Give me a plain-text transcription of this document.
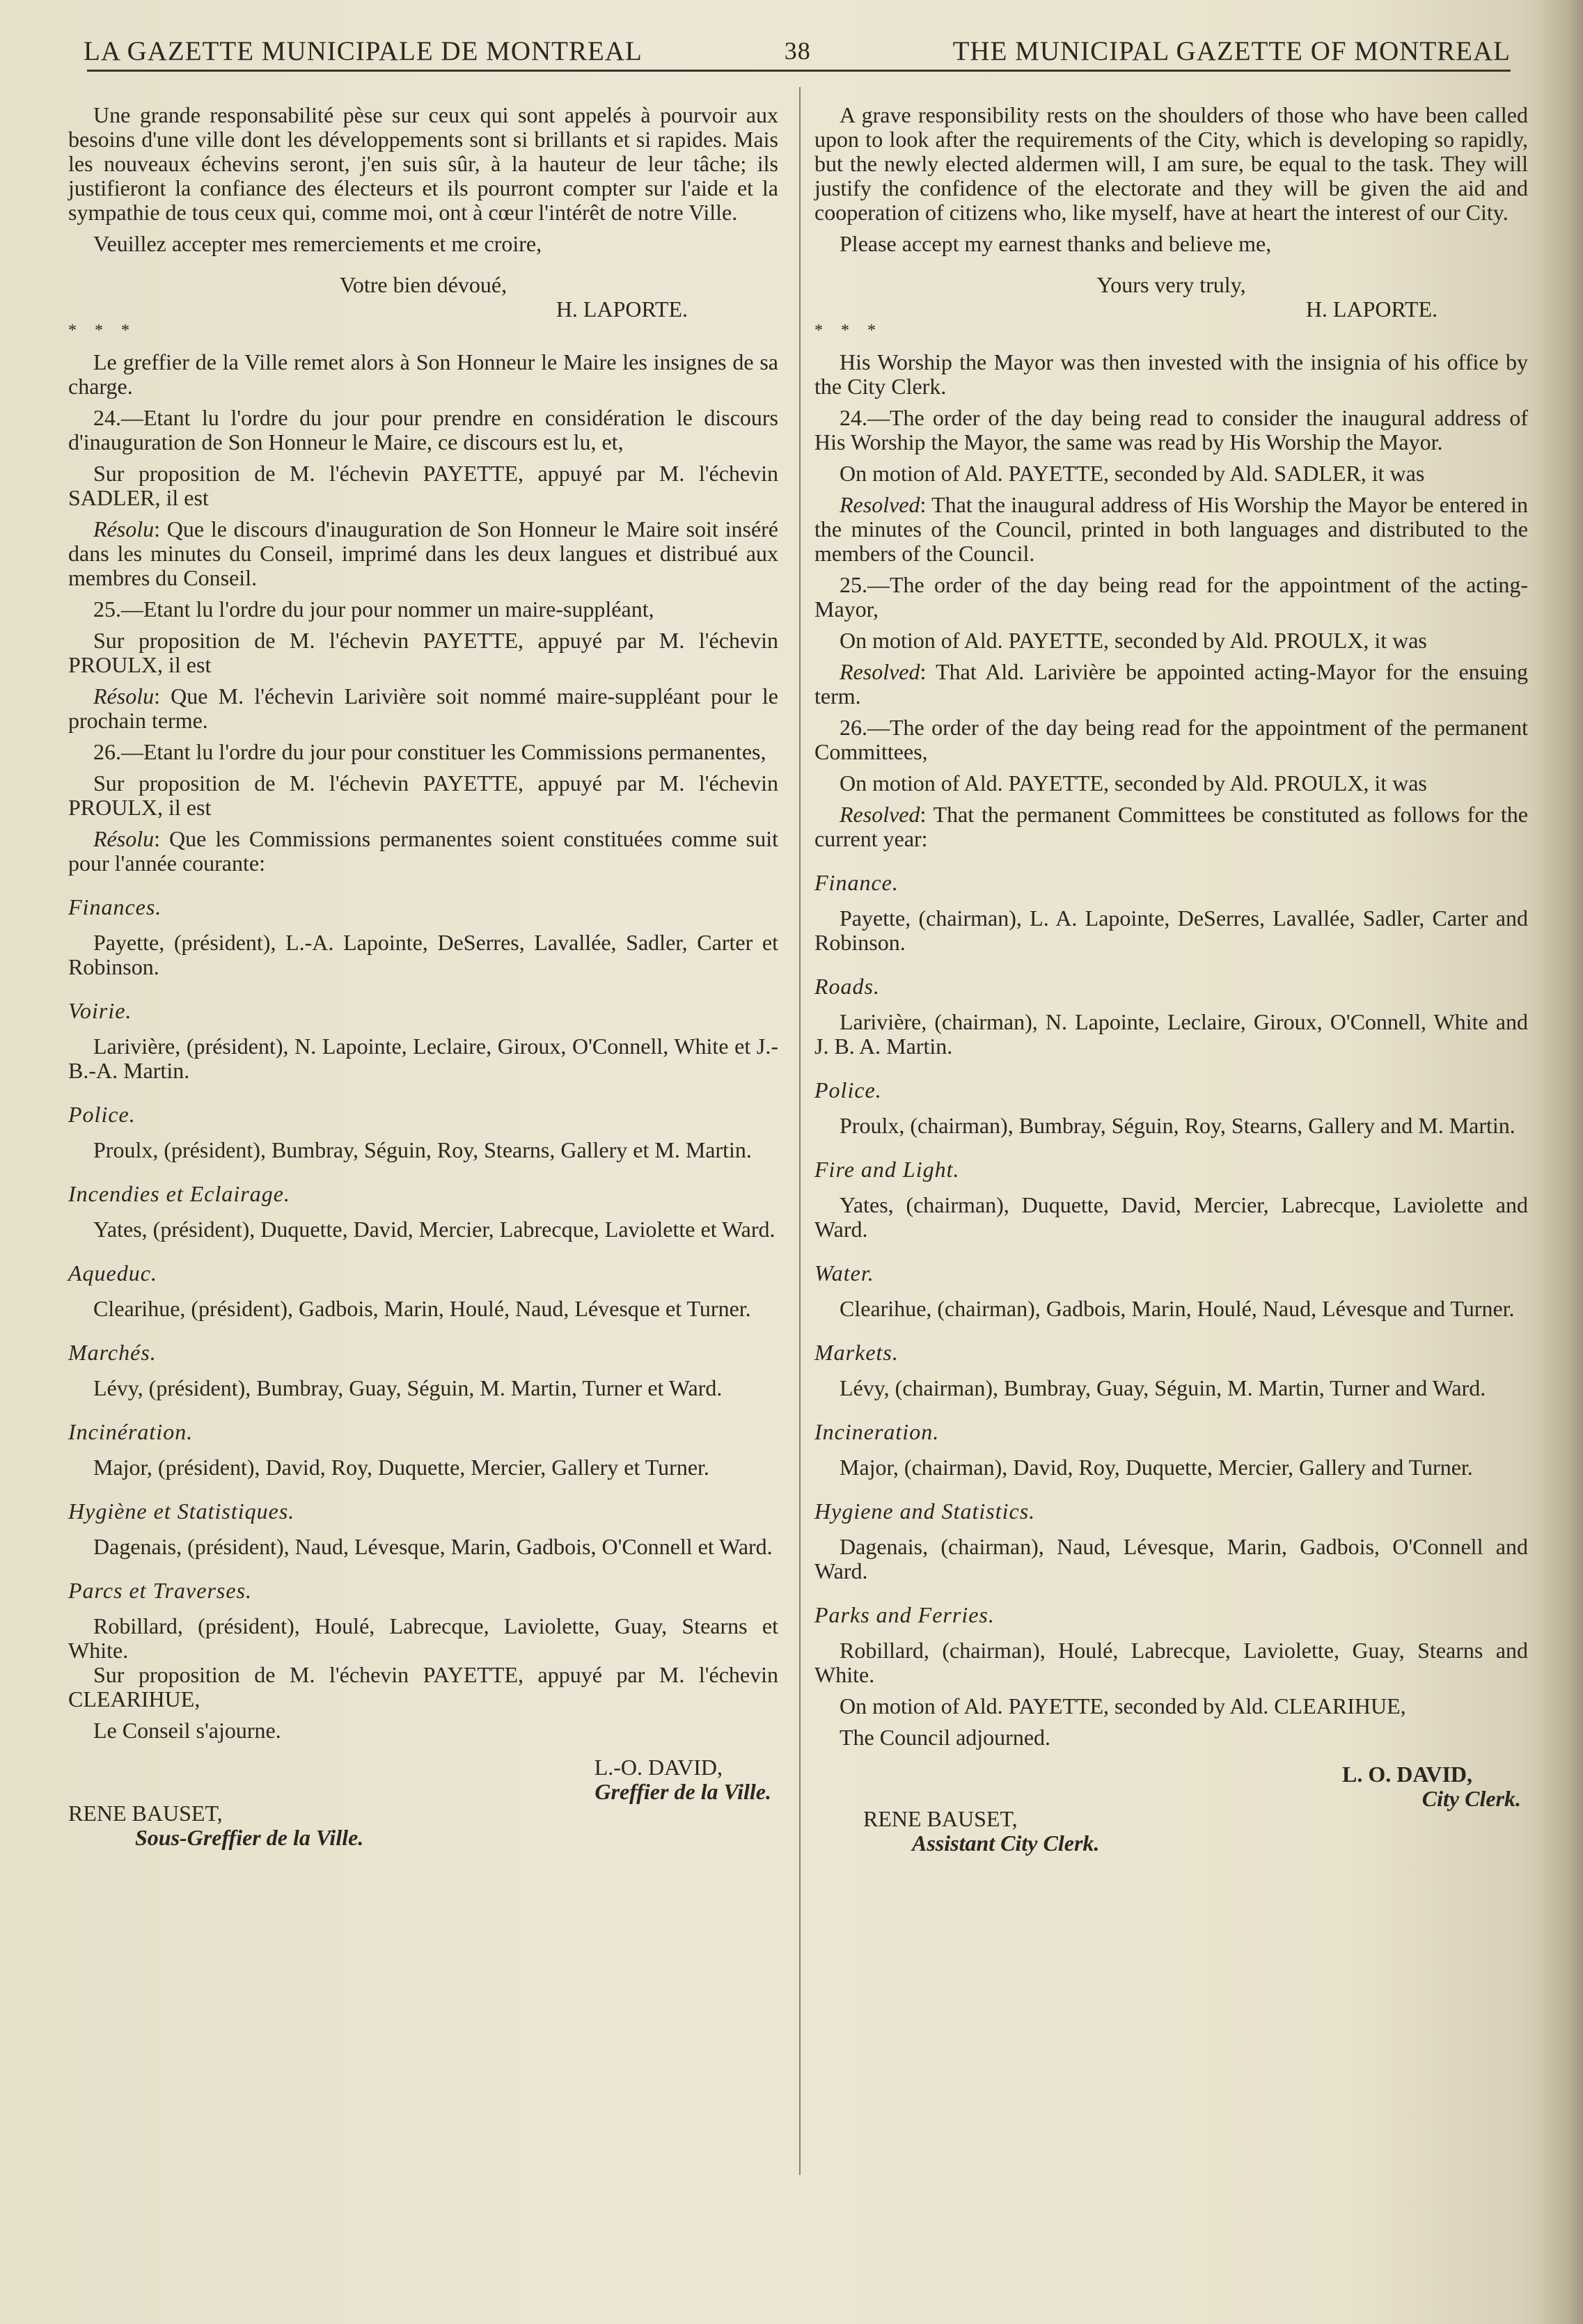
LA GAZETTE MUNICIPALE DE MONTREAL	38	THE MUNICIPAL GAZETTE OF MONTREAL

Une grande responsabilité pèse sur ceux qui sont appelés à pourvoir aux besoins d'une ville dont les développements sont si brillants et si rapides. Mais les nouveaux échevins seront, j'en suis sûr, à la hauteur de leur tâche; ils justifieront la confiance des électeurs et ils pourront compter sur l'aide et la sympathie de tous ceux qui, comme moi, ont à cœur l'intérêt de notre Ville.

Veuillez accepter mes remerciements et me croire,

Votre bien dévoué,

H. LAPORTE.

* * *

Le greffier de la Ville remet alors à Son Honneur le Maire les insignes de sa charge.

24.—Etant lu l'ordre du jour pour prendre en considération le discours d'inauguration de Son Honneur le Maire, ce discours est lu, et,

Sur proposition de M. l'échevin PAYETTE, appuyé par M. l'échevin SADLER, il est

Résolu: Que le discours d'inauguration de Son Honneur le Maire soit inséré dans les minutes du Conseil, imprimé dans les deux langues et distribué aux membres du Conseil.

25.—Etant lu l'ordre du jour pour nommer un maire-suppléant,

Sur proposition de M. l'échevin PAYETTE, appuyé par M. l'échevin PROULX, il est

Résolu: Que M. l'échevin Larivière soit nommé maire-suppléant pour le prochain terme.

26.—Etant lu l'ordre du jour pour constituer les Commissions permanentes,

Sur proposition de M. l'échevin PAYETTE, appuyé par M. l'échevin PROULX, il est

Résolu: Que les Commissions permanentes soient constituées comme suit pour l'année courante:

Finances.

Payette, (président), L.-A. Lapointe, DeSerres, Lavallée, Sadler, Carter et Robinson.

Voirie.

Larivière, (président), N. Lapointe, Leclaire, Giroux, O'Connell, White et J.-B.-A. Martin.

Police.

Proulx, (président), Bumbray, Séguin, Roy, Stearns, Gallery et M. Martin.

Incendies et Eclairage.

Yates, (président), Duquette, David, Mercier, Labrecque, Laviolette et Ward.

Aqueduc.

Clearihue, (président), Gadbois, Marin, Houlé, Naud, Lévesque et Turner.

Marchés.

Lévy, (président), Bumbray, Guay, Séguin, M. Martin, Turner et Ward.

Incinération.

Major, (président), David, Roy, Duquette, Mercier, Gallery et Turner.

Hygiène et Statistiques.

Dagenais, (président), Naud, Lévesque, Marin, Gadbois, O'Connell et Ward.

Parcs et Traverses.

Robillard, (président), Houlé, Labrecque, Laviolette, Guay, Stearns et White.

Sur proposition de M. l'échevin PAYETTE, appuyé par M. l'échevin CLEARIHUE,

Le Conseil s'ajourne.

L.-O. DAVID,
Greffier de la Ville.
RENE BAUSET,
Sous-Greffier de la Ville.

A grave responsibility rests on the shoulders of those who have been called upon to look after the requirements of the City, which is developing so rapidly, but the newly elected aldermen will, I am sure, be equal to the task. They will justify the confidence of the electorate and they will be given the aid and cooperation of citizens who, like myself, have at heart the interest of our City.

Please accept my earnest thanks and believe me,

Yours very truly,

H. LAPORTE.

* * *

His Worship the Mayor was then invested with the insignia of his office by the City Clerk.

24.—The order of the day being read to consider the inaugural address of His Worship the Mayor, the same was read by His Worship the Mayor.

On motion of Ald. PAYETTE, seconded by Ald. SADLER, it was

Resolved: That the inaugural address of His Worship the Mayor be entered in the minutes of the Council, printed in both languages and distributed to the members of the Council.

25.—The order of the day being read for the appointment of the acting-Mayor,

On motion of Ald. PAYETTE, seconded by Ald. PROULX, it was

Resolved: That Ald. Larivière be appointed acting-Mayor for the ensuing term.

26.—The order of the day being read for the appointment of the permanent Committees,

On motion of Ald. PAYETTE, seconded by Ald. PROULX, it was

Resolved: That the permanent Committees be constituted as follows for the current year:

Finance.

Payette, (chairman), L. A. Lapointe, DeSerres, Lavallée, Sadler, Carter and Robinson.

Roads.

Larivière, (chairman), N. Lapointe, Leclaire, Giroux, O'Connell, White and J. B. A. Martin.

Police.

Proulx, (chairman), Bumbray, Séguin, Roy, Stearns, Gallery and M. Martin.

Fire and Light.

Yates, (chairman), Duquette, David, Mercier, Labrecque, Laviolette and Ward.

Water.

Clearihue, (chairman), Gadbois, Marin, Houlé, Naud, Lévesque and Turner.

Markets.

Lévy, (chairman), Bumbray, Guay, Séguin, M. Martin, Turner and Ward.

Incineration.

Major, (chairman), David, Roy, Duquette, Mercier, Gallery and Turner.

Hygiene and Statistics.

Dagenais, (chairman), Naud, Lévesque, Marin, Gadbois, O'Connell and Ward.

Parks and Ferries.

Robillard, (chairman), Houlé, Labrecque, Laviolette, Guay, Stearns and White.

On motion of Ald. PAYETTE, seconded by Ald. CLEARIHUE,

The Council adjourned.

L. O. DAVID,
City Clerk.
RENE BAUSET,
Assistant City Clerk.
